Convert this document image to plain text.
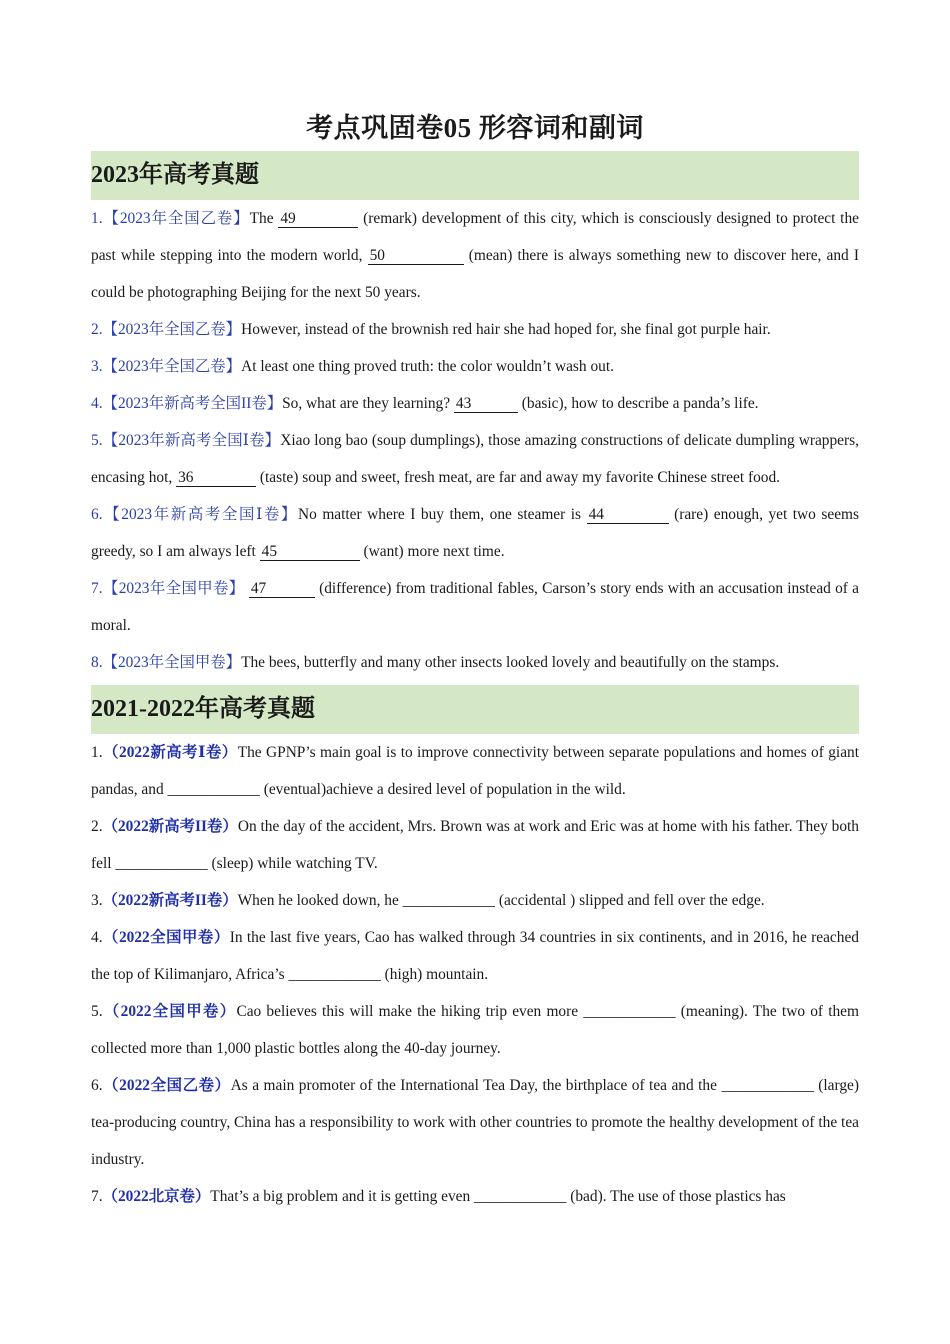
考点巩固卷05 形容词和副词
2023年高考真题

1.【2023年全国乙卷】The 49	(remark) development of this city, which is consciously designed to protect the past while stepping into the modern world, 50	(mean) there is always something new to discover here, and I could be photographing Beijing for the next 50 years.

2.【2023年全国乙卷】However, instead of the brownish red hair she had hoped for, she final got purple hair.

3.【2023年全国乙卷】At least one thing proved truth: the color wouldn’t wash out.

4.【2023年新高考全国II卷】So, what are they learning? 43	(basic), how to describe a panda’s life.

5.【2023年新高考全国Ⅰ卷】Xiao long bao (soup dumplings), those amazing constructions of delicate dumpling wrappers, encasing hot, 36	(taste) soup and sweet, fresh meat, are far and away my favorite Chinese street food.

6.【2023年新高考全国Ⅰ卷】No matter where I buy them, one steamer is 44	(rare) enough, yet two seems greedy, so I am always left 45	(want) more next time.

7.【2023年全国甲卷】 47	(difference) from traditional fables, Carson’s story ends with an accusation instead of a moral.

8.【2023年全国甲卷】The bees, butterfly and many other insects looked lovely and beautifully on the stamps.

2021-2022年高考真题

1.（2022新高考Ⅰ卷）The GPNP’s main goal is to improve connectivity between separate populations and homes of giant pandas, and ____________ (eventual)achieve a desired level of population in the wild.

2.（2022新高考II卷）On the day of the accident, Mrs. Brown was at work and Eric was at home with his father. They both fell ____________ (sleep) while watching TV.

3.（2022新高考II卷）When he looked down, he ____________ (accidental ) slipped and fell over the edge.

4.（2022全国甲卷）In the last five years, Cao has walked through 34 countries in six continents, and in 2016, he reached the top of Kilimanjaro, Africa’s ____________ (high) mountain.

5.（2022全国甲卷）Cao believes this will make the hiking trip even more ____________ (meaning). The two of them collected more than 1,000 plastic bottles along the 40-day journey.

6.（2022全国乙卷）As a main promoter of the International Tea Day, the birthplace of tea and the ____________ (large) tea-producing country, China has a responsibility to work with other countries to promote the healthy development of the tea industry.

7.（2022北京卷）That’s a big problem and it is getting even ____________ (bad). The use of those plastics has
